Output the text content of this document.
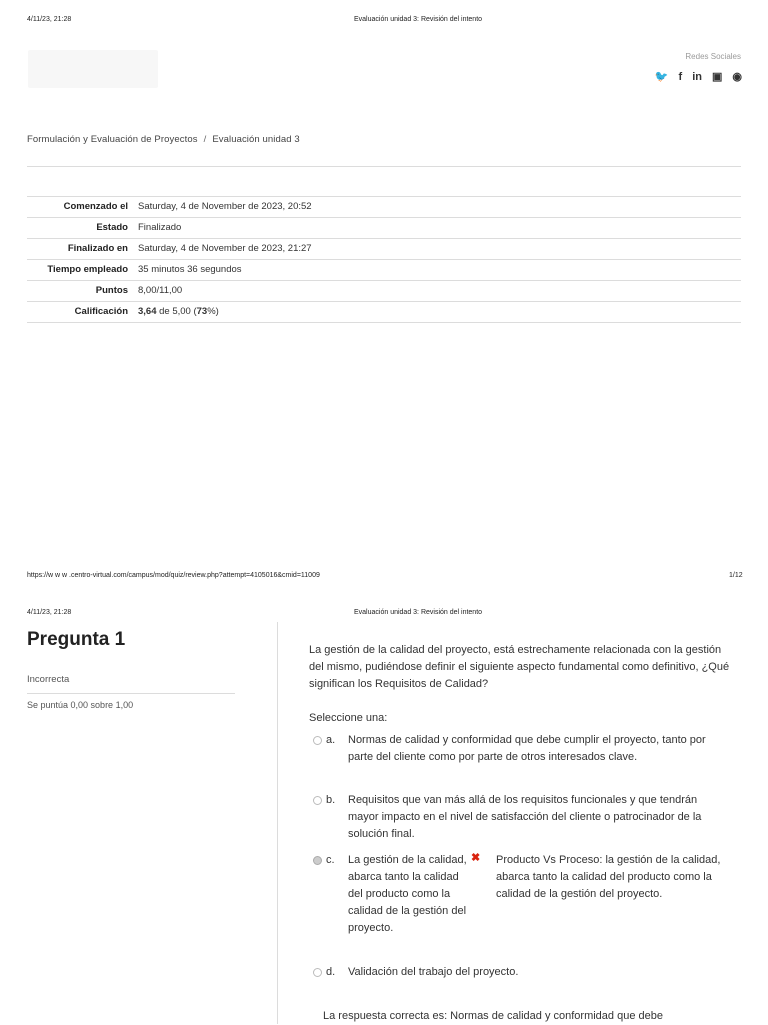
4/11/23, 21:28	Evaluación unidad 3: Revisión del intento
Redes Sociales
🐦 f in ▣ ◉
Formulación y Evaluación de Proyectos / Evaluación unidad 3
Comenzado el	Saturday, 4 de November de 2023, 20:52
Estado	Finalizado
Finalizado en	Saturday, 4 de November de 2023, 21:27
Tiempo empleado	35 minutos 36 segundos
Puntos	8,00/11,00
Calificación	3,64 de 5,00 (73%)
https://w w w .centro-virtual.com/campus/mod/quiz/review.php?attempt=4105016&cmid=11009	1/12
4/11/23, 21:28	Evaluación unidad 3: Revisión del intento
Pregunta 1
Incorrecta
Se puntúa 0,00 sobre 1,00
La gestión de la calidad del proyecto, está estrechamente relacionada con la gestión del mismo, pudiéndose definir el siguiente aspecto fundamental como definitivo, ¿Qué significan los Requisitos de Calidad?
Seleccione una:
a.	Normas de calidad y conformidad que debe cumplir el proyecto, tanto por parte del cliente como por parte de otros interesados clave.
b.	Requisitos que van más allá de los requisitos funcionales y que tendrán mayor impacto en el nivel de satisfacción del cliente o patrocinador de la solución final.
c.	La gestión de la calidad, abarca tanto la calidad del producto como la calidad de la gestión del proyecto.
✖ Producto Vs Proceso: la gestión de la calidad, abarca tanto la calidad del producto como la calidad de la gestión del proyecto.
d.	Validación del trabajo del proyecto.
La respuesta correcta es: Normas de calidad y conformidad que debe
